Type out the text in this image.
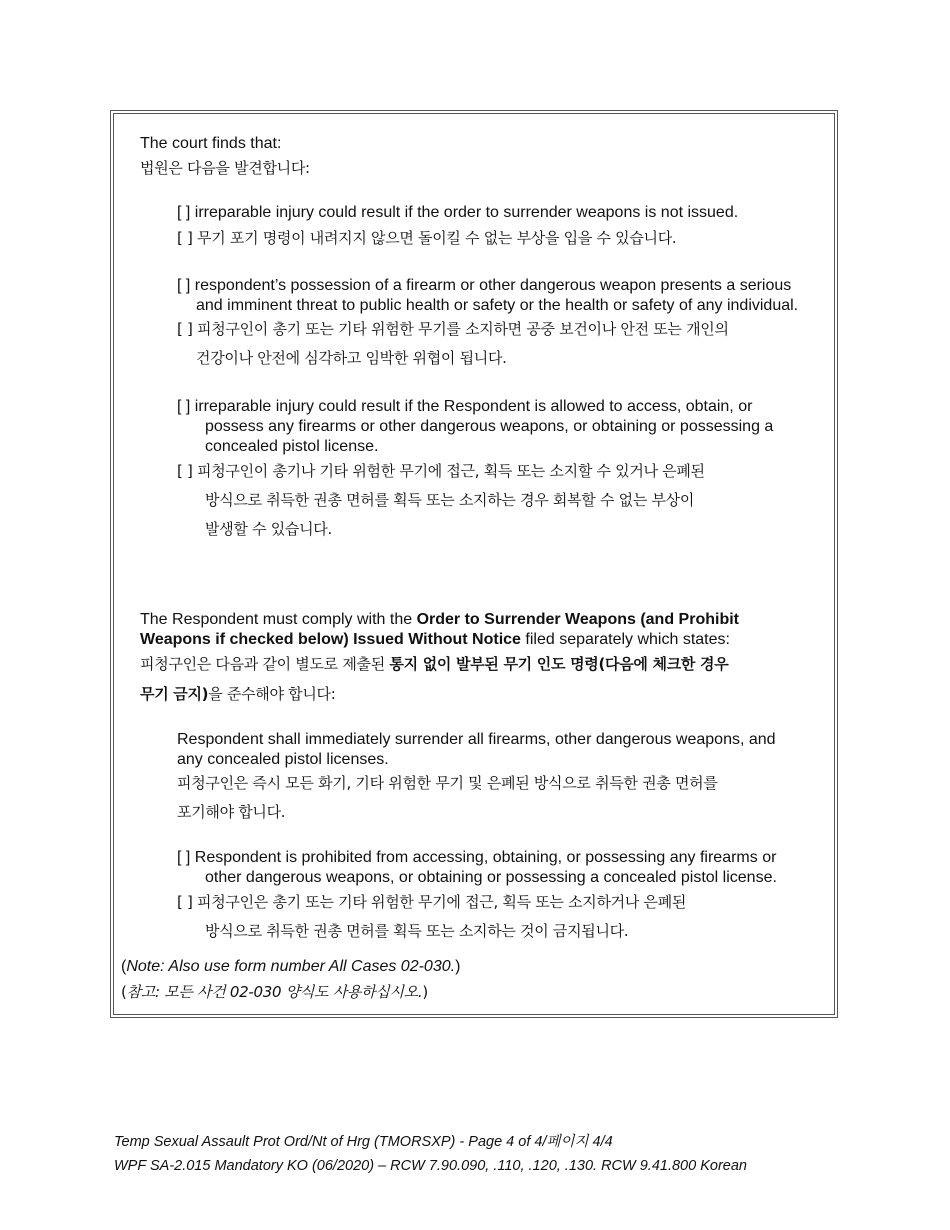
The court finds that:
법원은 다음을 발견합니다:
[ ] irreparable injury could result if the order to surrender weapons is not issued.
[ ] 무기 포기 명령이 내려지지 않으면 돌이킬 수 없는 부상을 입을 수 있습니다.
[ ] respondent’s possession of a firearm or other dangerous weapon presents a serious
and imminent threat to public health or safety or the health or safety of any individual.
[ ] 피청구인이 총기 또는 기타 위험한 무기를 소지하면 공중 보건이나 안전 또는 개인의
건강이나 안전에 심각하고 임박한 위협이 됩니다.
[ ] irreparable injury could result if the Respondent is allowed to access, obtain, or
possess any firearms or other dangerous weapons, or obtaining or possessing a
concealed pistol license.
[ ] 피청구인이 총기나 기타 위험한 무기에 접근, 획득 또는 소지할 수 있거나 은폐된
방식으로 취득한 권총 면허를 획득 또는 소지하는 경우 회복할 수 없는 부상이
발생할 수 있습니다.
The Respondent must comply with the Order to Surrender Weapons (and Prohibit
Weapons if checked below) Issued Without Notice filed separately which states:
피청구인은 다음과 같이 별도로 제출된 통지 없이 발부된 무기 인도 명령(다음에 체크한 경우
무기 금지)을 준수해야 합니다:
Respondent shall immediately surrender all firearms, other dangerous weapons, and
any concealed pistol licenses.
피청구인은 즉시 모든 화기, 기타 위험한 무기 및 은폐된 방식으로 취득한 권총 면허를
포기해야 합니다.
[ ] Respondent is prohibited from accessing, obtaining, or possessing any firearms or
other dangerous weapons, or obtaining or possessing a concealed pistol license.
[ ] 피청구인은 총기 또는 기타 위험한 무기에 접근, 획득 또는 소지하거나 은폐된
방식으로 취득한 권총 면허를 획득 또는 소지하는 것이 금지됩니다.
(Note: Also use form number All Cases 02-030.)
(참고: 모든 사건 02-030 양식도 사용하십시오.)
Temp Sexual Assault Prot Ord/Nt of Hrg (TMORSXP) - Page 4 of 4/페이지 4/4
WPF SA-2.015 Mandatory KO (06/2020) – RCW 7.90.090, .110, .120, .130. RCW 9.41.800 Korean
